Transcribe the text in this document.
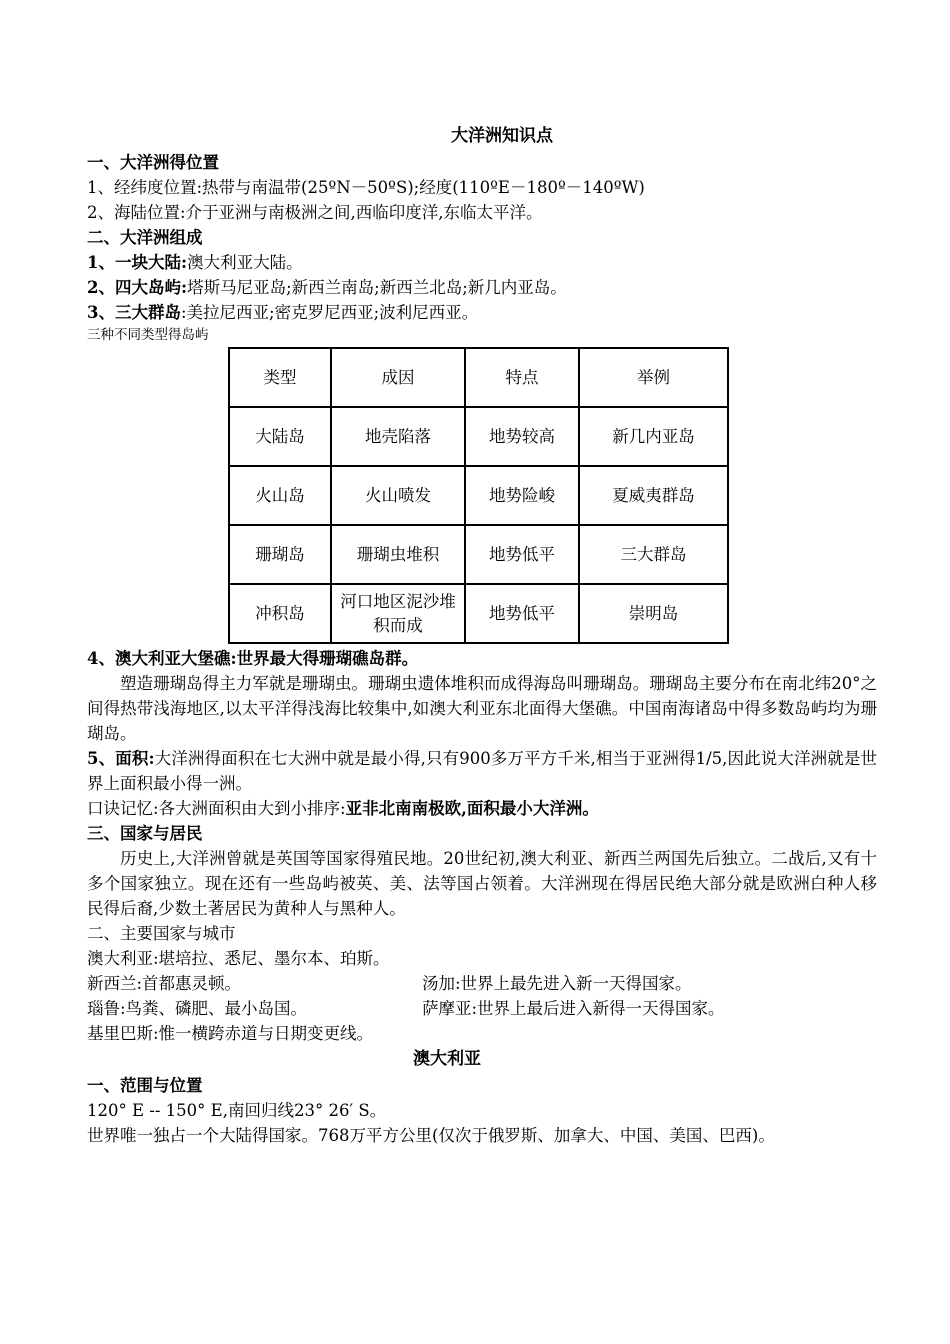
大洋洲知识点
一、大洋洲得位置
1、经纬度位置:热带与南温带(25ºN－50ºS);经度(110ºE－180º－140ºW)
2、海陆位置:介于亚洲与南极洲之间,西临印度洋,东临太平洋。
二、大洋洲组成
1、一块大陆:澳大利亚大陆。
2、四大岛屿:塔斯马尼亚岛;新西兰南岛;新西兰北岛;新几内亚岛。
3、三大群岛:美拉尼西亚;密克罗尼西亚;波利尼西亚。
三种不同类型得岛屿
类型	成因	特点	举例
大陆岛	地壳陷落	地势较高	新几内亚岛
火山岛	火山喷发	地势险峻	夏威夷群岛
珊瑚岛	珊瑚虫堆积	地势低平	三大群岛
冲积岛	河口地区泥沙堆积而成	地势低平	崇明岛
4、澳大利亚大堡礁:世界最大得珊瑚礁岛群。
塑造珊瑚岛得主力军就是珊瑚虫。珊瑚虫遗体堆积而成得海岛叫珊瑚岛。珊瑚岛主要分布在南北纬20°之间得热带浅海地区,以太平洋得浅海比较集中,如澳大利亚东北面得大堡礁。中国南海诸岛中得多数岛屿均为珊瑚岛。
5、面积:大洋洲得面积在七大洲中就是最小得,只有900多万平方千米,相当于亚洲得1/5,因此说大洋洲就是世界上面积最小得一洲。
口诀记忆:各大洲面积由大到小排序:亚非北南南极欧,面积最小大洋洲。
三、国家与居民
历史上,大洋洲曾就是英国等国家得殖民地。20世纪初,澳大利亚、新西兰两国先后独立。二战后,又有十多个国家独立。现在还有一些岛屿被英、美、法等国占领着。大洋洲现在得居民绝大部分就是欧洲白种人移民得后裔,少数土著居民为黄种人与黑种人。
二、主要国家与城市
澳大利亚:堪培拉、悉尼、墨尔本、珀斯。
新西兰:首都惠灵顿。	汤加:世界上最先进入新一天得国家。
瑙鲁:鸟粪、磷肥、最小岛国。	萨摩亚:世界上最后进入新得一天得国家。
基里巴斯:惟一横跨赤道与日期变更线。
澳大利亚
一、范围与位置
120° E -- 150° E,南回归线23° 26′ S。
世界唯一独占一个大陆得国家。768万平方公里(仅次于俄罗斯、加拿大、中国、美国、巴西)。
